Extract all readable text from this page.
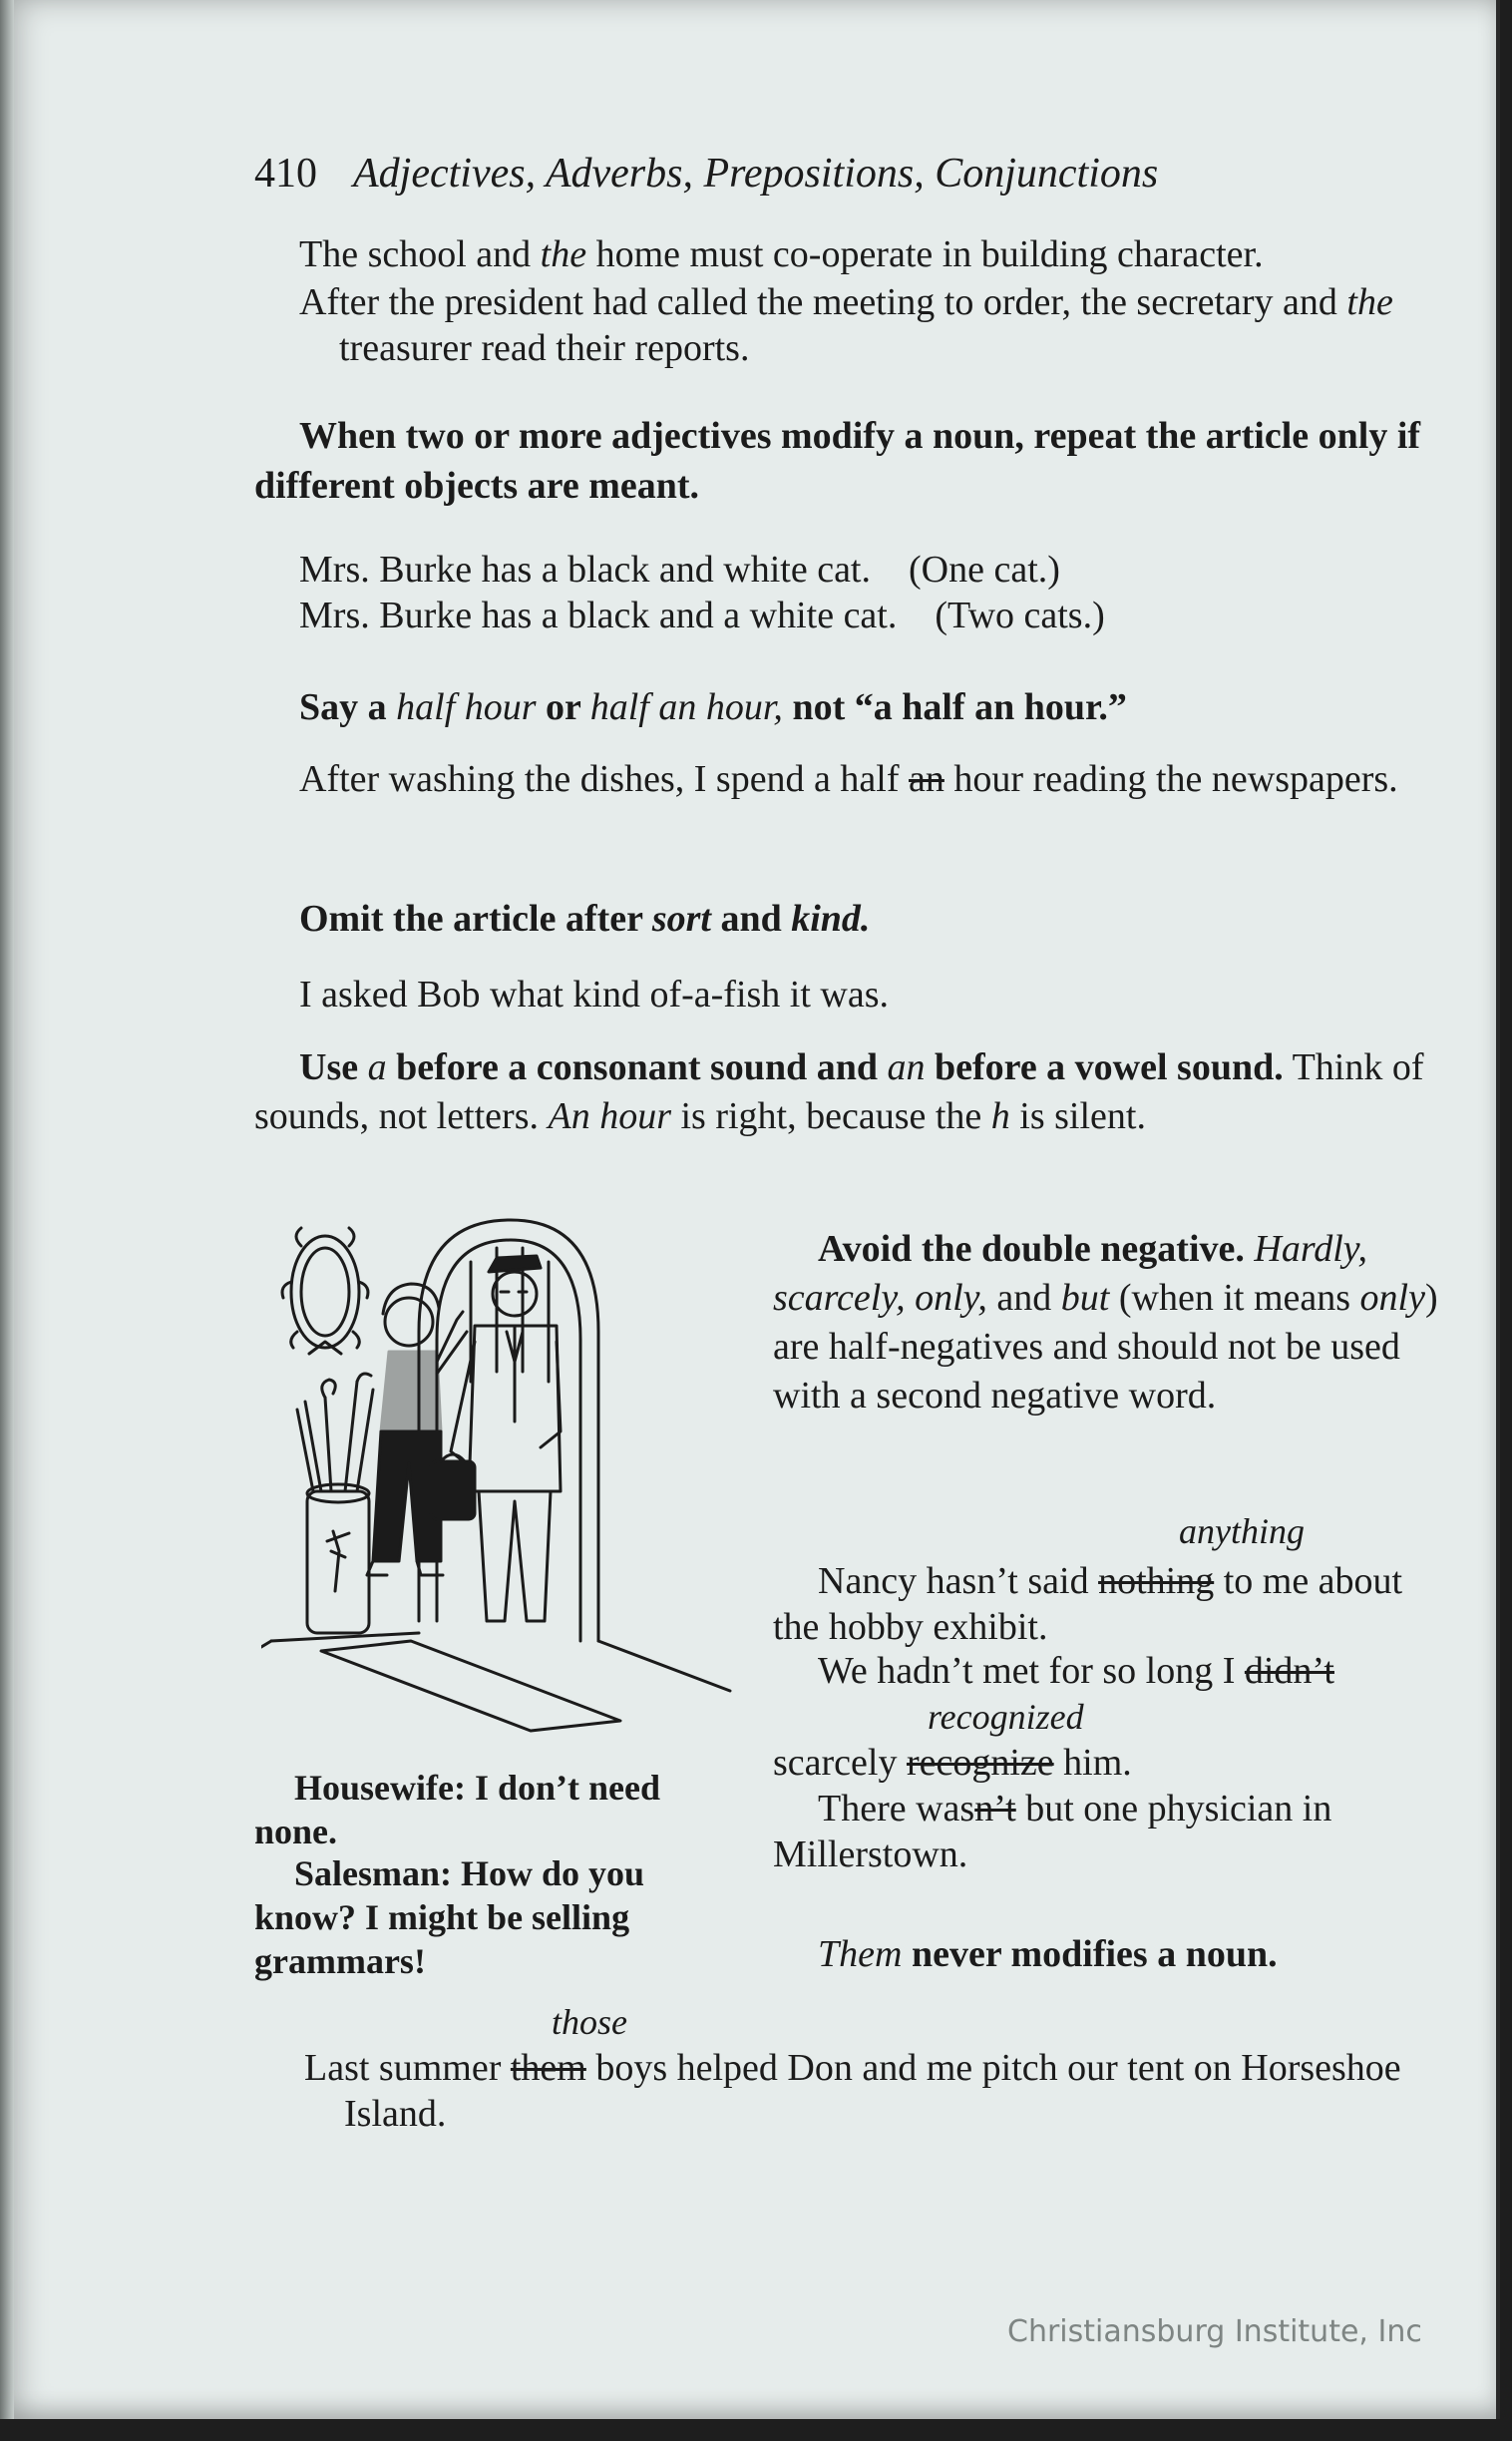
410 Adjectives, Adverbs, Prepositions, Conjunctions
The school and the home must co-operate in building character.
After the president had called the meeting to order, the secretary and the treasurer read their reports.
When two or more adjectives modify a noun, repeat the article only if different objects are meant.
Mrs. Burke has a black and white cat. (One cat.)
Mrs. Burke has a black and a white cat. (Two cats.)
Say a half hour or half an hour, not “a half an hour.”
After washing the dishes, I spend a half an hour reading the newspapers.
Omit the article after sort and kind.
I asked Bob what kind of-a-fish it was.
Use a before a consonant sound and an before a vowel sound. Think of sounds, not letters. An hour is right, because the h is silent.
Housewife: I don’t need none.
Salesman: How do you know? I might be selling grammars!
Avoid the double negative. Hardly, scarcely, only, and but (when it means only) are half-negatives and should not be used with a second negative word.
anything
Nancy hasn’t said nothing to me about the hobby exhibit.
We hadn’t met for so long I didn’t
recognized
scarcely recognize him.
There wasn’t but one physician in Millerstown.
Them never modifies a noun.
those
Last summer them boys helped Don and me pitch our tent on Horseshoe Island.
Christiansburg Institute, Inc
